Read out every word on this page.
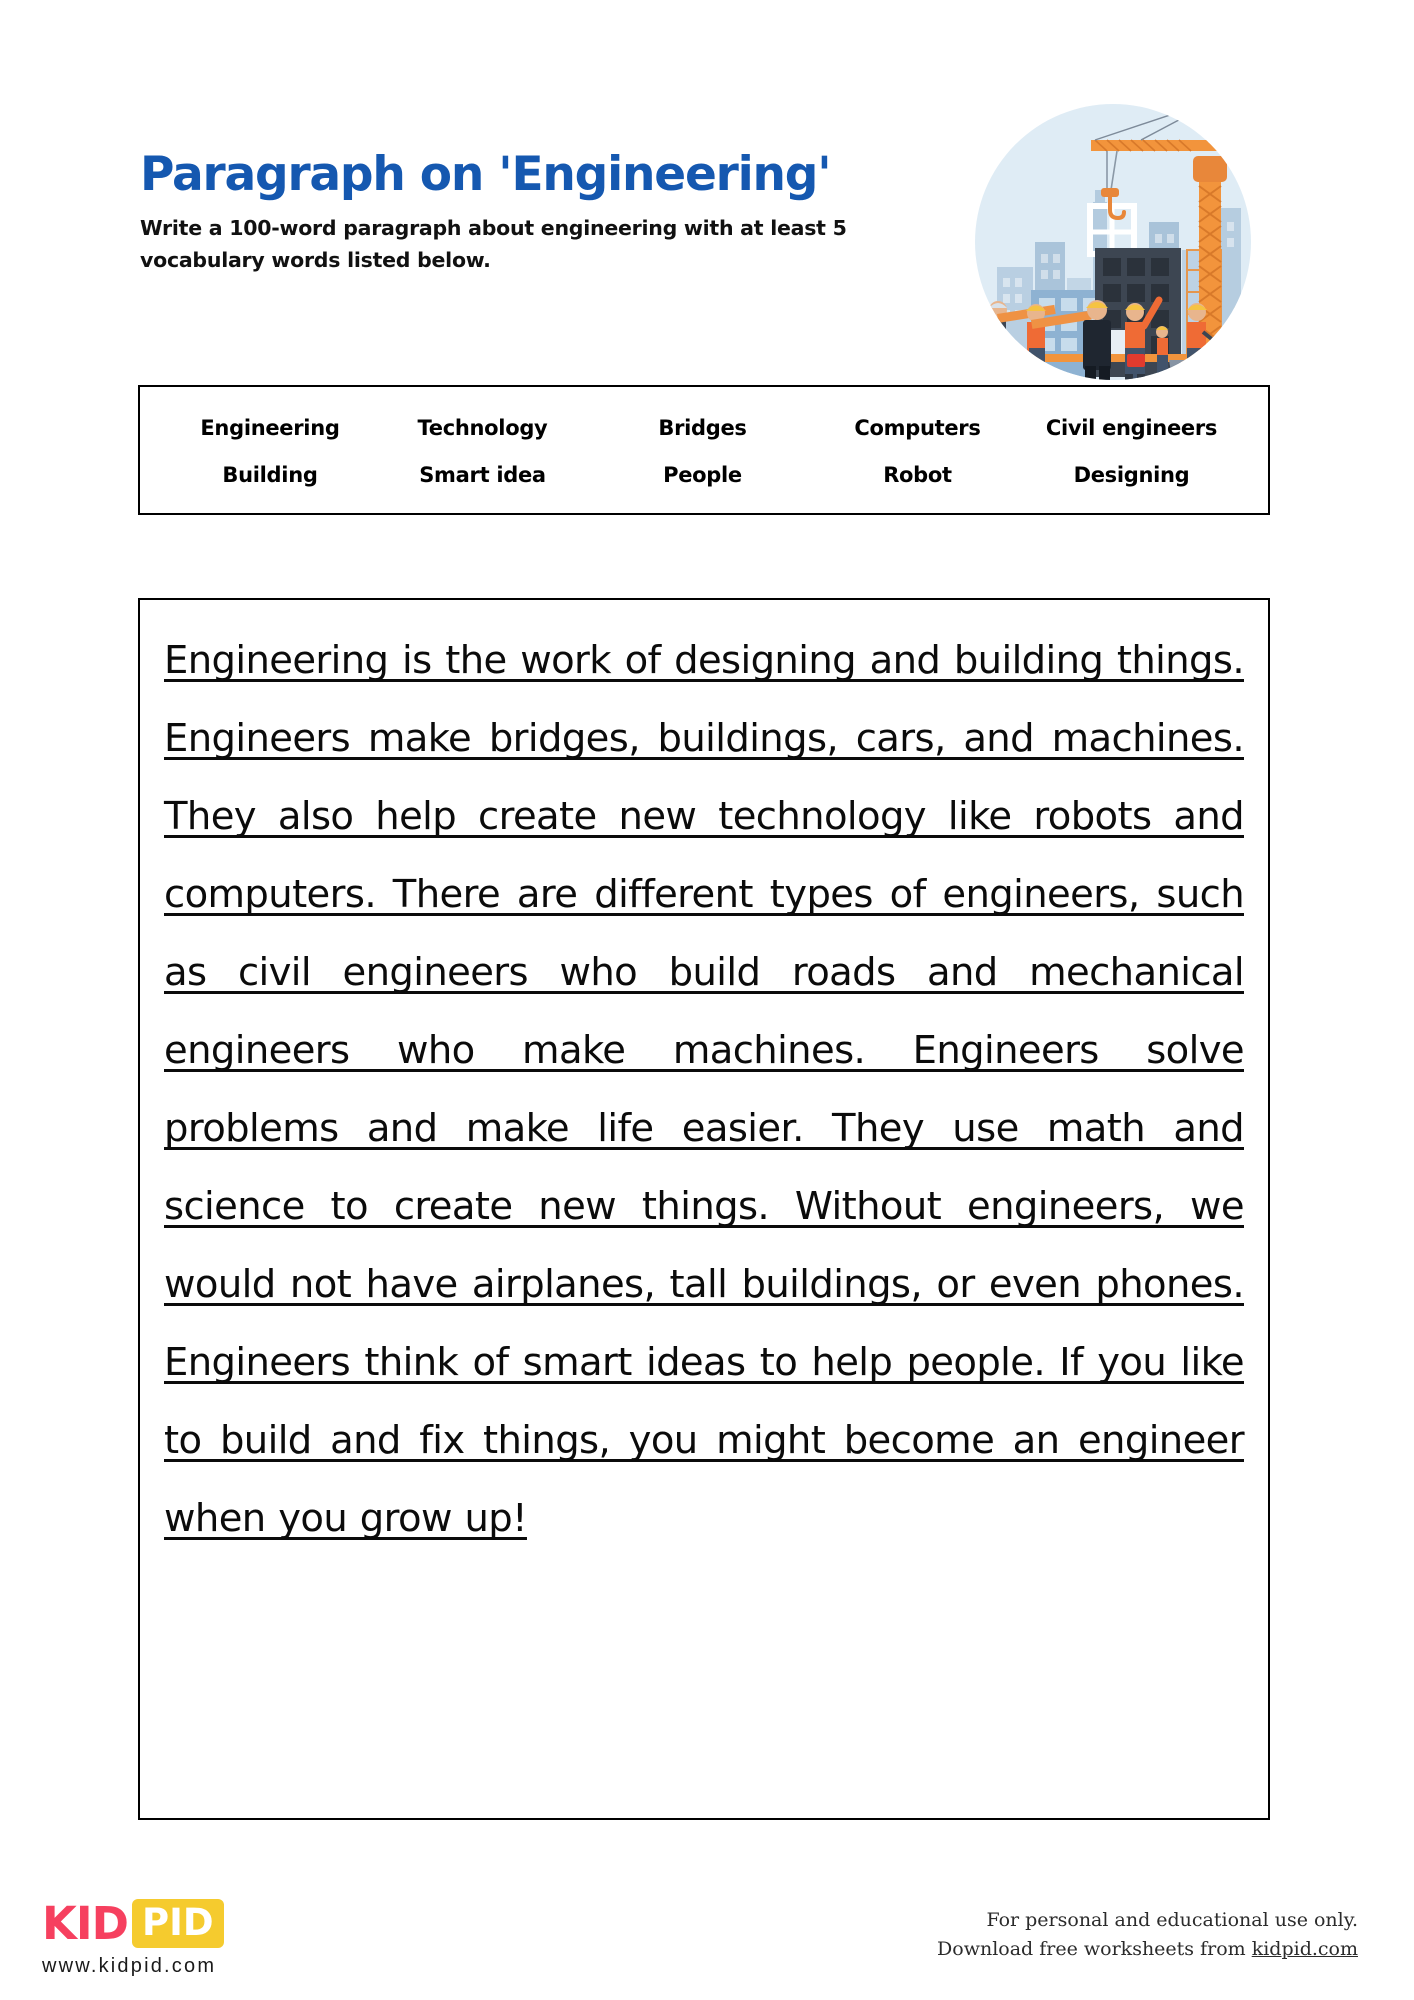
Paragraph on 'Engineering'
Write a 100-word paragraph about engineering with at least 5 vocabulary words listed below.
Engineering	Technology	Bridges	Computers	Civil engineers
Building	Smart idea	People	Robot	Designing
Engineering is the work of designing and building things. Engineers make bridges, buildings, cars, and machines. They also help create new technology like robots and computers. There are different types of engineers, such as civil engineers who build roads and mechanical engineers who make machines. Engineers solve problems and make life easier. They use math and science to create new things. Without engineers, we would not have airplanes, tall buildings, or even phones. Engineers think of smart ideas to help people. If you like to build and fix things, you might become an engineer when you grow up!
KID PID
www.kidpid.com
For personal and educational use only.
Download free worksheets from kidpid.com
